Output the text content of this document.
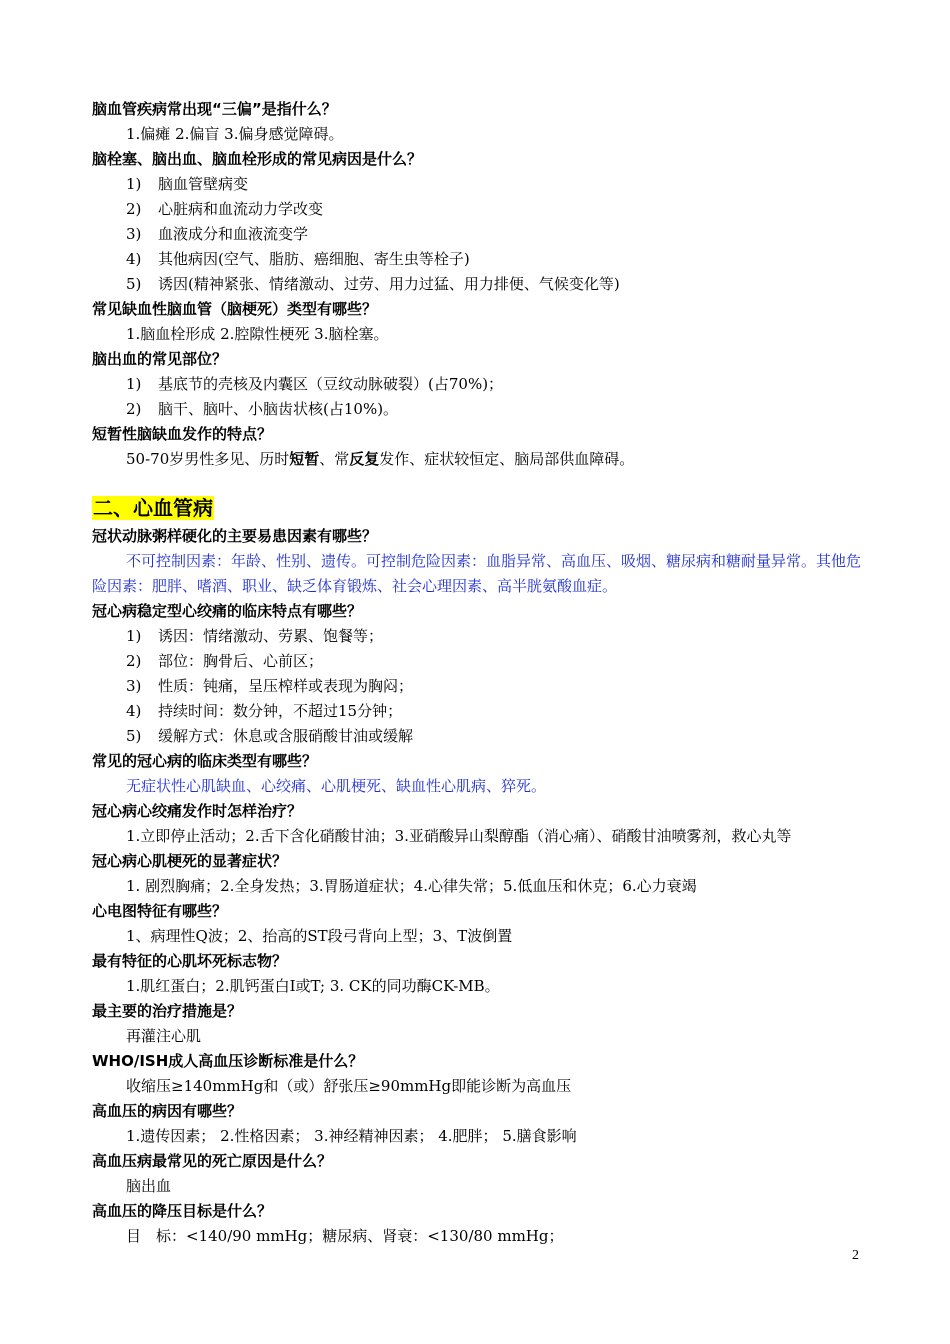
脑血管疾病常出现“三偏”是指什么？
1.偏瘫 2.偏盲 3.偏身感觉障碍。
脑栓塞、脑出血、脑血栓形成的常见病因是什么？
1) 脑血管壁病变
2) 心脏病和血流动力学改变
3) 血液成分和血液流变学
4) 其他病因(空气、脂肪、癌细胞、寄生虫等栓子)
5) 诱因(精神紧张、情绪激动、过劳、用力过猛、用力排便、气候变化等)
常见缺血性脑血管（脑梗死）类型有哪些？
1.脑血栓形成 2.腔隙性梗死 3.脑栓塞。
脑出血的常见部位？
1) 基底节的壳核及内囊区（豆纹动脉破裂）(占70%)；
2) 脑干、脑叶、小脑齿状核(占10%)。
短暂性脑缺血发作的特点？
50-70岁男性多见、历时短暂、常反复发作、症状较恒定、脑局部供血障碍。
二、心血管病
冠状动脉粥样硬化的主要易患因素有哪些？
不可控制因素：年龄、性别、遗传。可控制危险因素：血脂异常、高血压、吸烟、糖尿病和糖耐量异常。其他危险因素：肥胖、嗜酒、职业、缺乏体育锻炼、社会心理因素、高半胱氨酸血症。
冠心病稳定型心绞痛的临床特点有哪些？
1) 诱因：情绪激动、劳累、饱餐等；
2) 部位：胸骨后、心前区；
3) 性质：钝痛，呈压榨样或表现为胸闷；
4) 持续时间：数分钟，不超过15分钟；
5) 缓解方式：休息或含服硝酸甘油或缓解
常见的冠心病的临床类型有哪些？
无症状性心肌缺血、心绞痛、心肌梗死、缺血性心肌病、猝死。
冠心病心绞痛发作时怎样治疗？
1.立即停止活动；2.舌下含化硝酸甘油；3.亚硝酸异山梨醇酯（消心痛）、硝酸甘油喷雾剂，救心丸等
冠心病心肌梗死的显著症状？
1. 剧烈胸痛；2.全身发热；3.胃肠道症状；4.心律失常；5.低血压和休克；6.心力衰竭
心电图特征有哪些？
1、病理性Q波；2、抬高的ST段弓背向上型；3、T波倒置
最有特征的心肌坏死标志物？
1.肌红蛋白；2.肌钙蛋白I或T; 3. CK的同功酶CK-MB。
最主要的治疗措施是？
再灌注心肌
WHO/ISH成人高血压诊断标准是什么？
收缩压≥140mmHg和（或）舒张压≥90mmHg即能诊断为高血压
高血压的病因有哪些？
1.遗传因素； 2.性格因素； 3.神经精神因素； 4.肥胖； 5.膳食影响
高血压病最常见的死亡原因是什么？
脑出血
高血压的降压目标是什么？
目　标：<140/90 mmHg；糖尿病、肾衰：<130/80 mmHg；
2
